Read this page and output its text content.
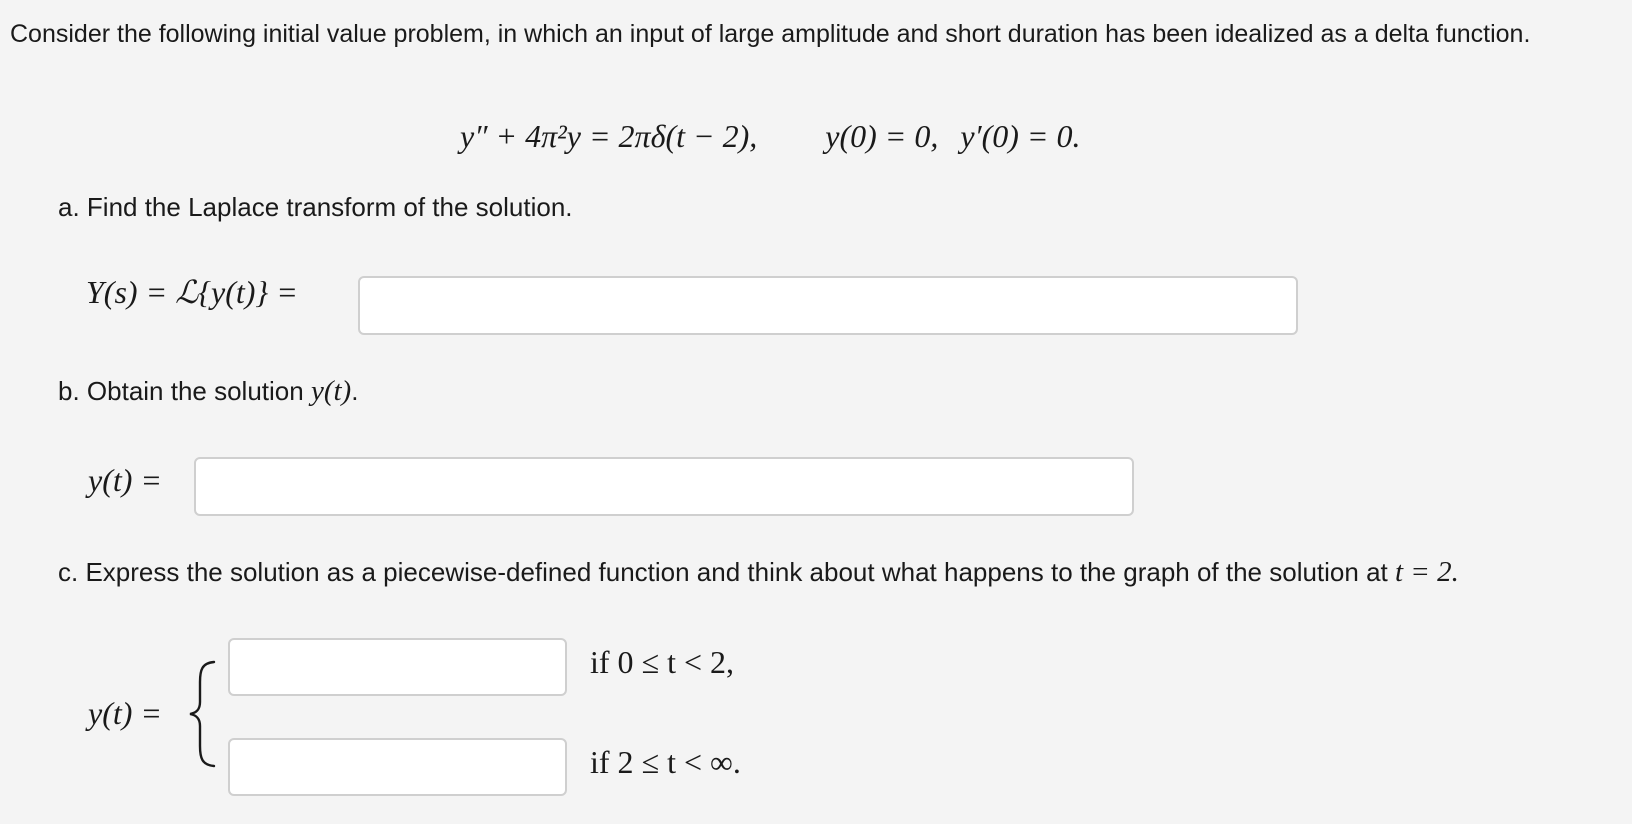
Consider the following initial value problem, in which an input of large amplitude and short duration has been idealized as a delta function.
y″ + 4π²y = 2πδ(t − 2), y(0) = 0, y′(0) = 0.
a. Find the Laplace transform of the solution.
Y(s) = ℒ{y(t)} =
b. Obtain the solution y(t).
y(t) =
c. Express the solution as a piecewise-defined function and think about what happens to the graph of the solution at t = 2.
y(t) =
if 0 ≤ t < 2,
if 2 ≤ t < ∞.
